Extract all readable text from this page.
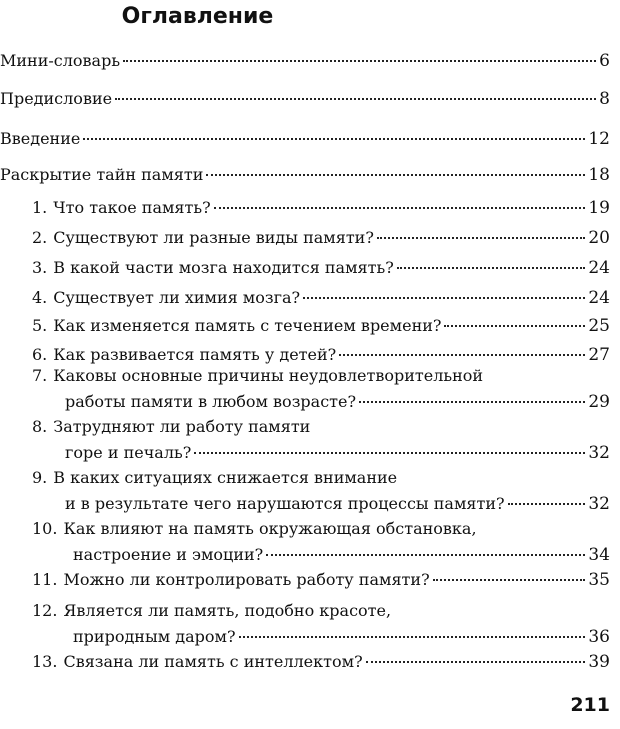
Оглавление
Мини-словарь	6
Предисловие	8
Введение	12
Раскрытие тайн памяти	18
1. Что такое память?	19
2. Существуют ли разные виды памяти?	20
3. В какой части мозга находится память?	24
4. Существует ли химия мозга?	24
5. Как изменяется память с течением времени?	25
6. Как развивается память у детей?	27
7. Каковы основные причины неудовлетворительной
работы памяти в любом возрасте?	29
8. Затрудняют ли работу памяти
горе и печаль?	32
9. В каких ситуациях снижается внимание
и в результате чего нарушаются процессы памяти?	32
10. Как влияют на память окружающая обстановка,
настроение и эмоции?	34
11. Можно ли контролировать работу памяти?	35
12. Является ли память, подобно красоте,
природным даром?	36
13. Связана ли память с интеллектом?	39
211
